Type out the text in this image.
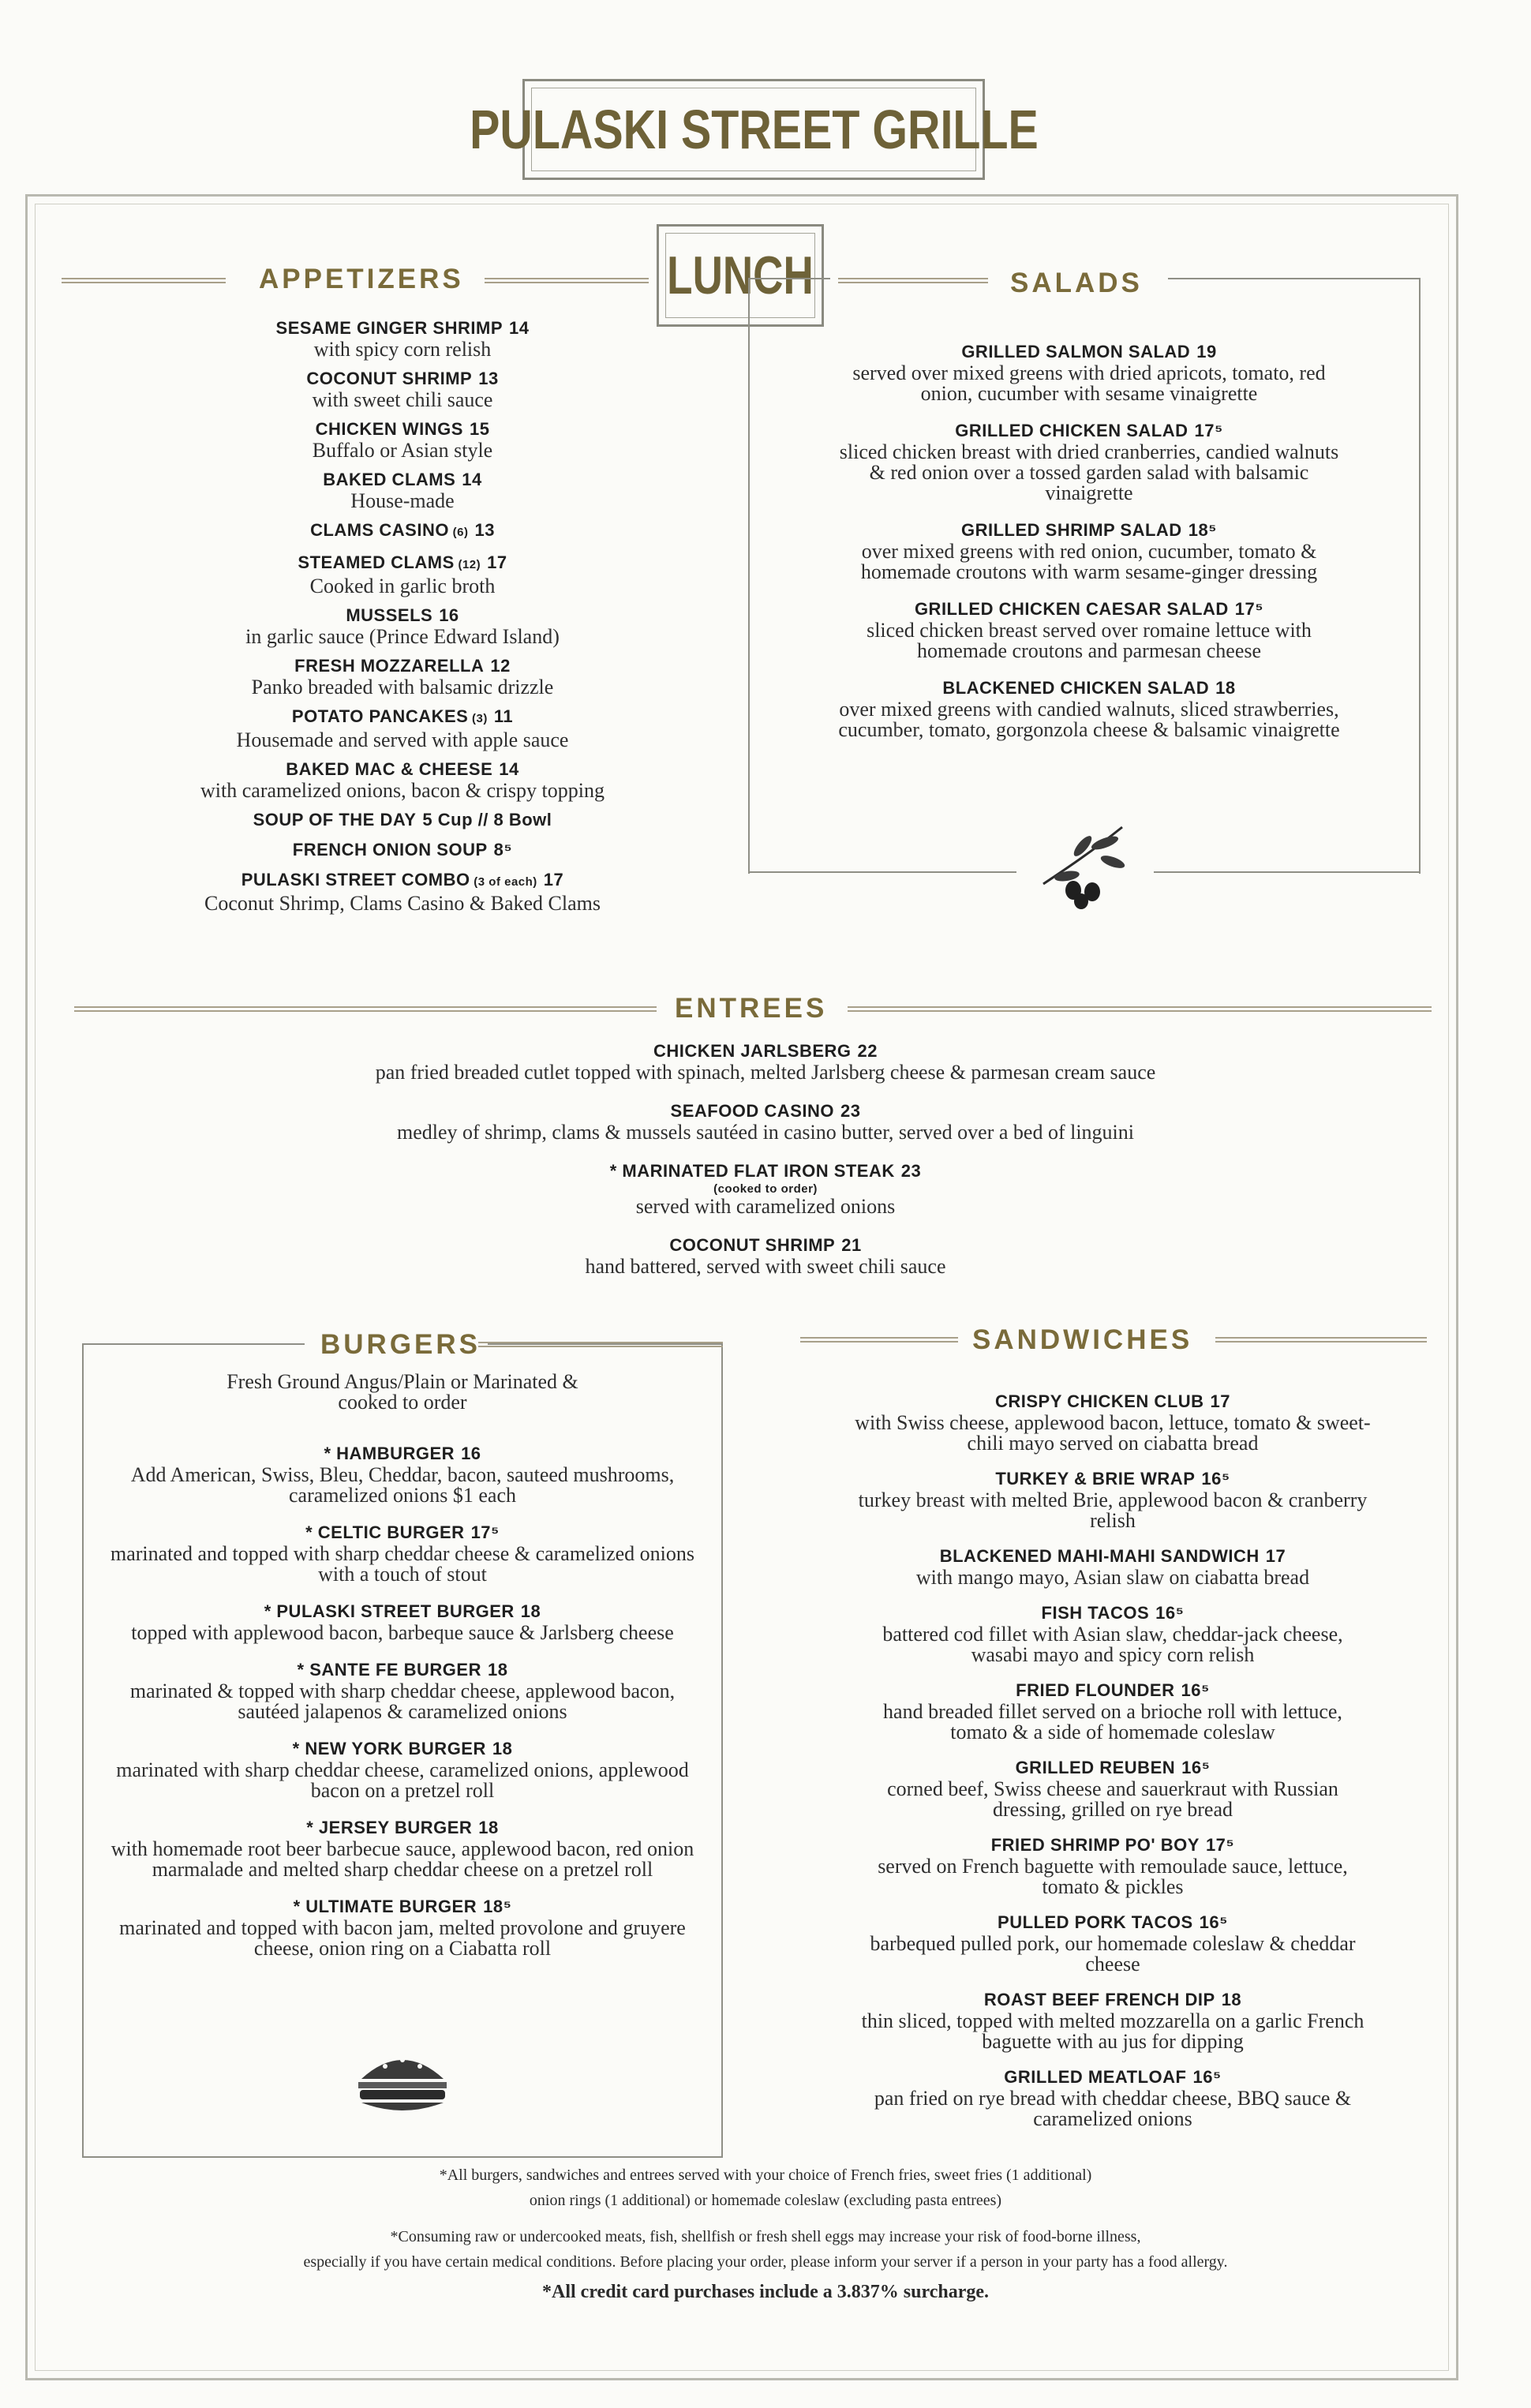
PULASKI STREET GRILLE
LUNCH
APPETIZERS
SESAME GINGER SHRIMP 14
with spicy corn relish
COCONUT SHRIMP 13
with sweet chili sauce
CHICKEN WINGS 15
Buffalo or Asian style
BAKED CLAMS 14
House-made
CLAMS CASINO (6) 13
STEAMED CLAMS (12) 17
Cooked in garlic broth
MUSSELS 16
in garlic sauce (Prince Edward Island)
FRESH MOZZARELLA 12
Panko breaded with balsamic drizzle
POTATO PANCAKES (3) 11
Housemade and served with apple sauce
BAKED MAC & CHEESE 14
with caramelized onions, bacon & crispy topping
SOUP OF THE DAY 5 Cup // 8 Bowl
FRENCH ONION SOUP 8⁵
PULASKI STREET COMBO (3 of each) 17
Coconut Shrimp, Clams Casino & Baked Clams
SALADS
GRILLED SALMON SALAD 19
served over mixed greens with dried apricots, tomato, red onion, cucumber with sesame vinaigrette
GRILLED CHICKEN SALAD 17⁵
sliced chicken breast with dried cranberries, candied walnuts & red onion over a tossed garden salad with balsamic vinaigrette
GRILLED SHRIMP SALAD 18⁵
over mixed greens with red onion, cucumber, tomato & homemade croutons with warm sesame-ginger dressing
GRILLED CHICKEN CAESAR SALAD 17⁵
sliced chicken breast served over romaine lettuce with homemade croutons and parmesan cheese
BLACKENED CHICKEN SALAD 18
over mixed greens with candied walnuts, sliced strawberries, cucumber, tomato, gorgonzola cheese & balsamic vinaigrette
ENTREES
CHICKEN JARLSBERG 22
pan fried breaded cutlet topped with spinach, melted Jarlsberg cheese & parmesan cream sauce
SEAFOOD CASINO 23
medley of shrimp, clams & mussels sautéed in casino butter, served over a bed of linguini
* MARINATED FLAT IRON STEAK 23
(cooked to order)
served with caramelized onions
COCONUT SHRIMP 21
hand battered, served with sweet chili sauce
BURGERS
Fresh Ground Angus/Plain or Marinated & cooked to order
* HAMBURGER 16
Add American, Swiss, Bleu, Cheddar, bacon, sauteed mushrooms, caramelized onions $1 each
* CELTIC BURGER 17⁵
marinated and topped with sharp cheddar cheese & caramelized onions with a touch of stout
* PULASKI STREET BURGER 18
topped with applewood bacon, barbeque sauce & Jarlsberg cheese
* SANTE FE BURGER 18
marinated & topped with sharp cheddar cheese, applewood bacon, sautéed jalapenos & caramelized onions
* NEW YORK BURGER 18
marinated with sharp cheddar cheese, caramelized onions, applewood bacon on a pretzel roll
* JERSEY BURGER 18
with homemade root beer barbecue sauce, applewood bacon, red onion marmalade and melted sharp cheddar cheese on a pretzel roll
* ULTIMATE BURGER 18⁵
marinated and topped with bacon jam, melted provolone and gruyere cheese, onion ring on a Ciabatta roll
SANDWICHES
CRISPY CHICKEN CLUB 17
with Swiss cheese, applewood bacon, lettuce, tomato & sweet-chili mayo served on ciabatta bread
TURKEY & BRIE WRAP 16⁵
turkey breast with melted Brie, applewood bacon & cranberry relish
BLACKENED MAHI-MAHI SANDWICH 17
with mango mayo, Asian slaw on ciabatta bread
FISH TACOS 16⁵
battered cod fillet with Asian slaw, cheddar-jack cheese, wasabi mayo and spicy corn relish
FRIED FLOUNDER 16⁵
hand breaded fillet served on a brioche roll with lettuce, tomato & a side of homemade coleslaw
GRILLED REUBEN 16⁵
corned beef, Swiss cheese and sauerkraut with Russian dressing, grilled on rye bread
FRIED SHRIMP PO' BOY 17⁵
served on French baguette with remoulade sauce, lettuce, tomato & pickles
PULLED PORK TACOS 16⁵
barbequed pulled pork, our homemade coleslaw & cheddar cheese
ROAST BEEF FRENCH DIP 18
thin sliced, topped with melted mozzarella on a garlic French baguette with au jus for dipping
GRILLED MEATLOAF 16⁵
pan fried on rye bread with cheddar cheese, BBQ sauce & caramelized onions
*All burgers, sandwiches and entrees served with your choice of French fries, sweet fries (1 additional)
onion rings (1 additional) or homemade coleslaw (excluding pasta entrees)
*Consuming raw or undercooked meats, fish, shellfish or fresh shell eggs may increase your risk of food-borne illness,
especially if you have certain medical conditions. Before placing your order, please inform your server if a person in your party has a food allergy.
*All credit card purchases include a 3.837% surcharge.
